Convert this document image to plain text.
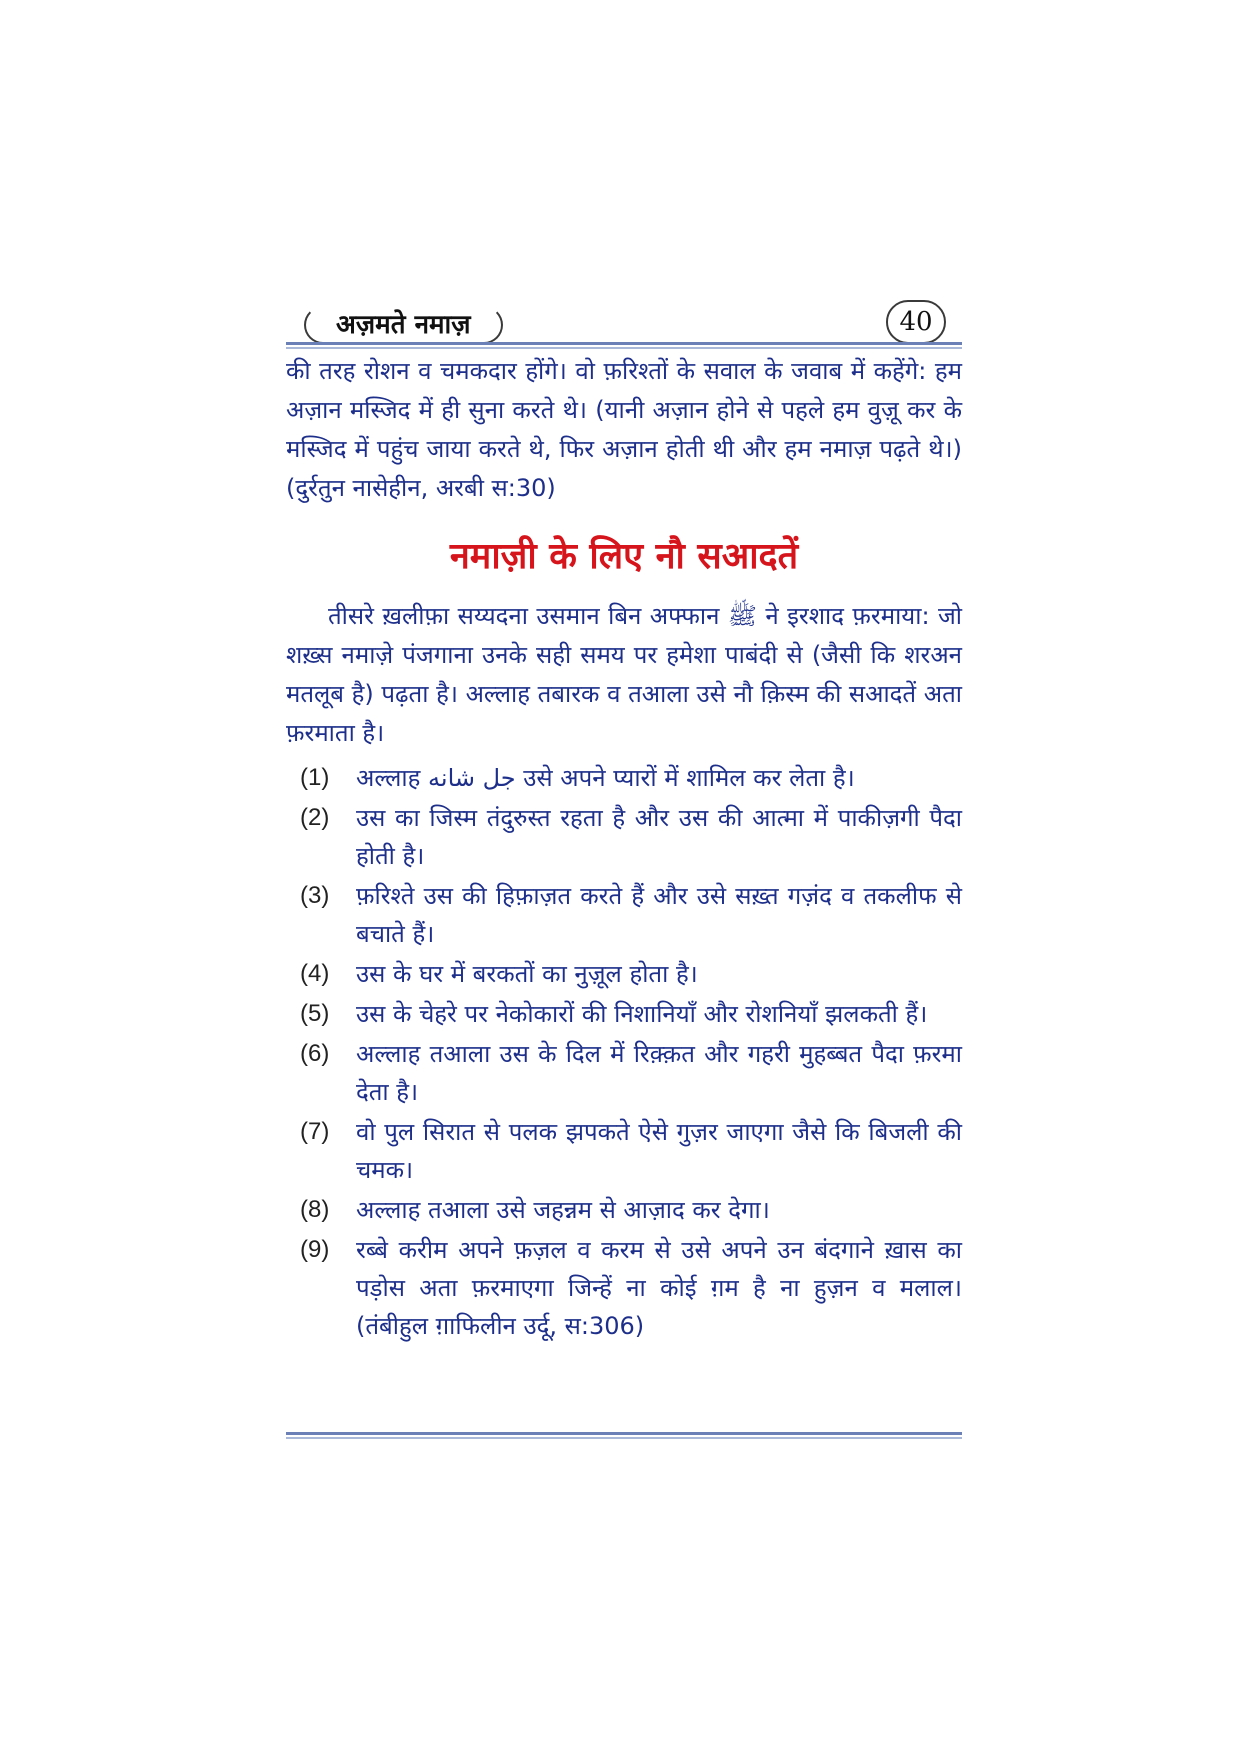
अज़मते नमाज़	40

की तरह रोशन व चमकदार होंगे। वो फ़रिश्तों के सवाल के जवाब में कहेंगे: हम अज़ान मस्जिद में ही सुना करते थे। (यानी अज़ान होने से पहले हम वुज़ू कर के मस्जिद में पहुंच जाया करते थे, फिर अज़ान होती थी और हम नमाज़ पढ़ते थे।) (दुर्रतुन नासेहीन, अरबी स:30)

नमाज़ी के लिए नौ सआदतें

तीसरे ख़लीफ़ा सय्यदना उसमान बिन अफ्फान ﷺ ने इरशाद फ़रमाया: जो शख़्स नमाज़े पंजगाना उनके सही समय पर हमेशा पाबंदी से (जैसी कि शरअन मतलूब है) पढ़ता है। अल्लाह तबारक व तआला उसे नौ क़िस्म की सआदतें अता फ़रमाता है।

(1)	अल्लाह جل شانه उसे अपने प्यारों में शामिल कर लेता है।
(2)	उस का जिस्म तंदुरुस्त रहता है और उस की आत्मा में पाकीज़गी पैदा होती है।
(3)	फ़रिश्ते उस की हिफ़ाज़त करते हैं और उसे सख़्त गज़ंद व तकलीफ से बचाते हैं।
(4)	उस के घर में बरकतों का नुज़ूल होता है।
(5)	उस के चेहरे पर नेकोकारों की निशानियाँ और रोशनियाँ झलकती हैं।
(6)	अल्लाह तआला उस के दिल में रिक़्क़त और गहरी मुहब्बत पैदा फ़रमा देता है।
(7)	वो पुल सिरात से पलक झपकते ऐसे गुज़र जाएगा जैसे कि बिजली की चमक।
(8)	अल्लाह तआला उसे जहन्नम से आज़ाद कर देगा।
(9)	रब्बे करीम अपने फ़ज़ल व करम से उसे अपने उन बंदगाने ख़ास का पड़ोस अता फ़रमाएगा जिन्हें ना कोई ग़म है ना हुज़न व मलाल। (तंबीहुल ग़ाफिलीन उर्दू, स:306)
